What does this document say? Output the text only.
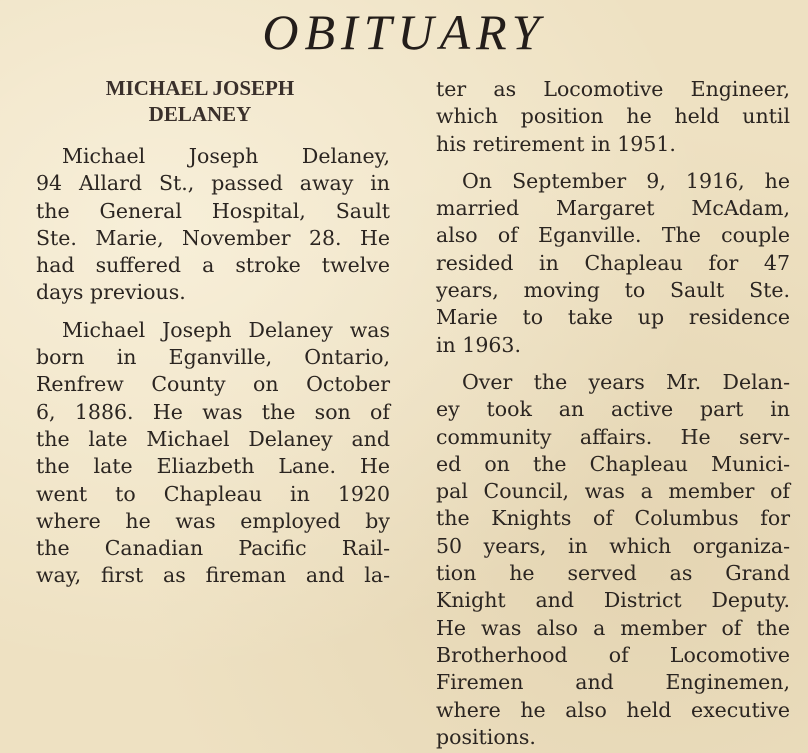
OBITUARY
MICHAEL JOSEPH
DELANEY
Michael Joseph Delaney,
94 Allard St., passed away in
the General Hospital, Sault
Ste. Marie, November 28. He
had suffered a stroke twelve
days previous.
Michael Joseph Delaney was
born in Eganville, Ontario,
Renfrew County on October
6, 1886. He was the son of
the late Michael Delaney and
the late Eliazbeth Lane. He
went to Chapleau in 1920
where he was employed by
the Canadian Pacific Rail-
way, first as fireman and la-
ter as Locomotive Engineer,
which position he held until
his retirement in 1951.
On September 9, 1916, he
married Margaret McAdam,
also of Eganville. The couple
resided in Chapleau for 47
years, moving to Sault Ste.
Marie to take up residence
in 1963.
Over the years Mr. Delan-
ey took an active part in
community affairs. He serv-
ed on the Chapleau Munici-
pal Council, was a member of
the Knights of Columbus for
50 years, in which organiza-
tion he served as Grand
Knight and District Deputy.
He was also a member of the
Brotherhood of Locomotive
Firemen and Enginemen,
where he also held executive
positions.
